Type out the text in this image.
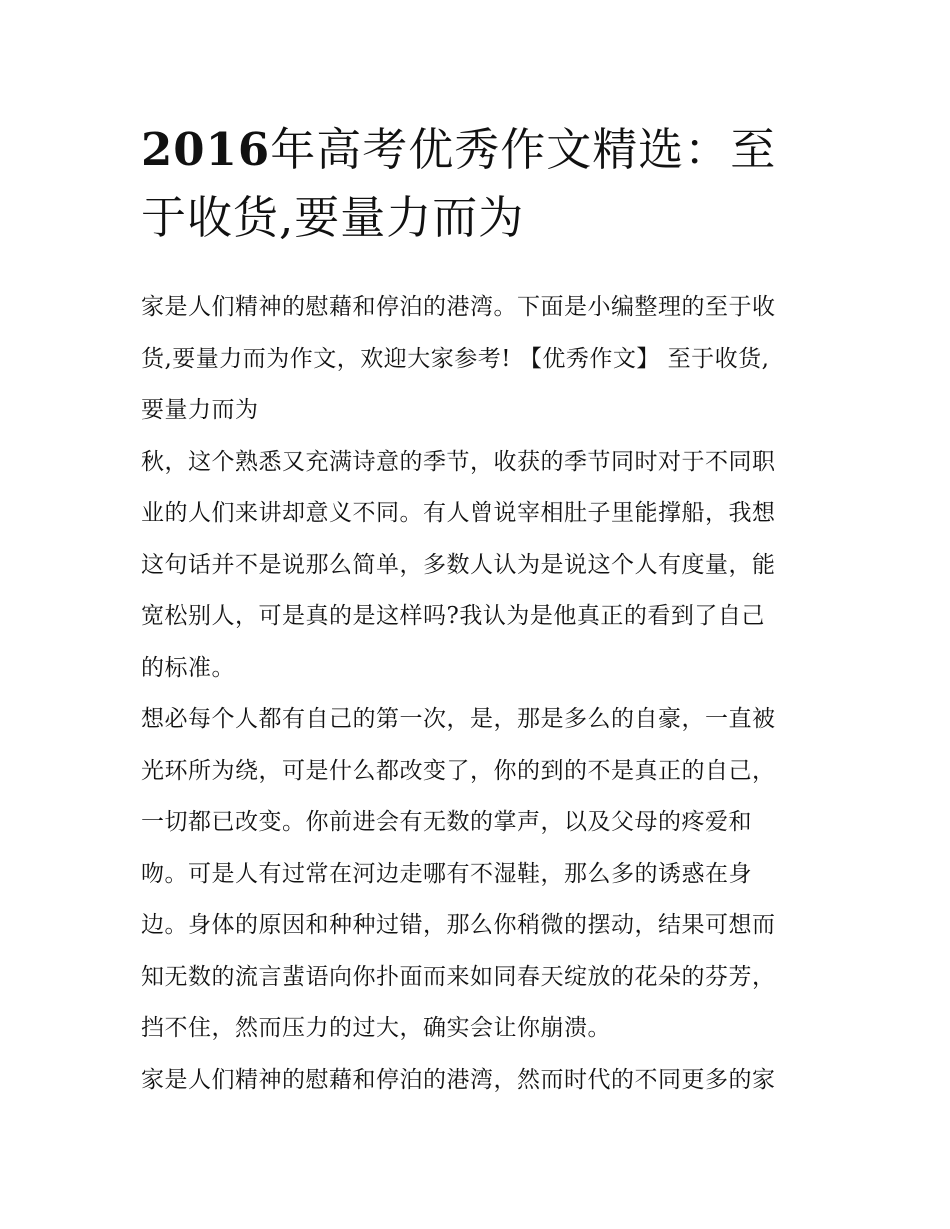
2016年高考优秀作文精选：至
于收货,要量力而为
家是人们精神的慰藉和停泊的港湾。下面是小编整理的至于收
货,要量力而为作文，欢迎大家参考! 【优秀作文】 至于收货,
要量力而为
秋，这个熟悉又充满诗意的季节，收获的季节同时对于不同职
业的人们来讲却意义不同。有人曾说宰相肚子里能撑船，我想
这句话并不是说那么简单，多数人认为是说这个人有度量，能
宽松别人，可是真的是这样吗?我认为是他真正的看到了自己
的标准。
想必每个人都有自己的第一次，是，那是多么的自豪，一直被
光环所为绕，可是什么都改变了，你的到的不是真正的自己，
一切都已改变。你前进会有无数的掌声，以及父母的疼爱和
吻。可是人有过常在河边走哪有不湿鞋，那么多的诱惑在身
边。身体的原因和种种过错，那么你稍微的摆动，结果可想而
知无数的流言蜚语向你扑面而来如同春天绽放的花朵的芬芳，
挡不住，然而压力的过大，确实会让你崩溃。
家是人们精神的慰藉和停泊的港湾，然而时代的不同更多的家
